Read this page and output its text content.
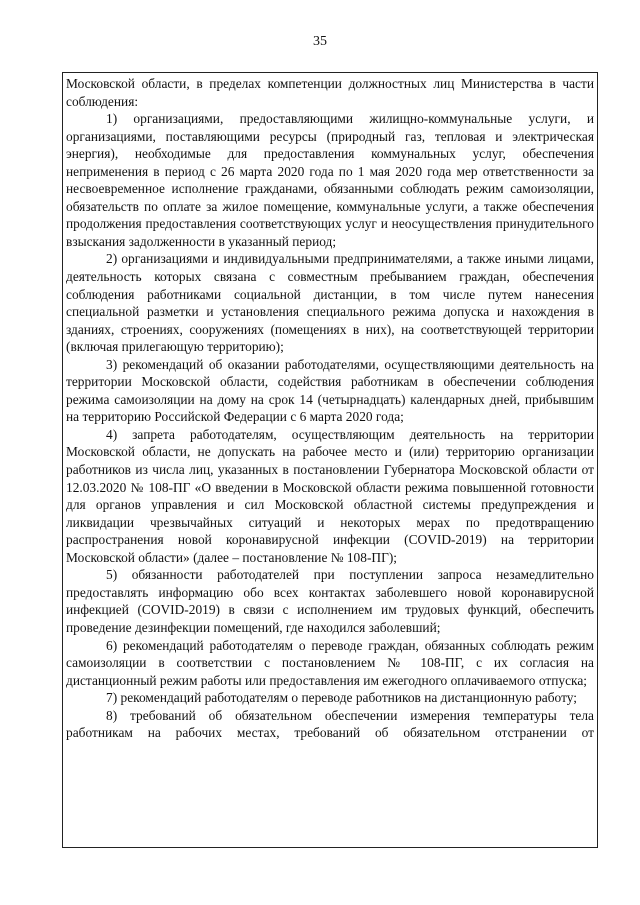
35

Московской области, в пределах компетенции должностных лиц Министерства в части соблюдения:

1) организациями, предоставляющими жилищно-коммунальные услуги, и организациями, поставляющими ресурсы (природный газ, тепловая и электрическая энергия), необходимые для предоставления коммунальных услуг, обеспечения неприменения в период с 26 марта 2020 года по 1 мая 2020 года мер ответственности за несвоевременное исполнение гражданами, обязанными соблюдать режим самоизоляции, обязательств по оплате за жилое помещение, коммунальные услуги, а также обеспечения продолжения предоставления соответствующих услуг и неосуществления принудительного взыскания задолженности в указанный период;

2) организациями и индивидуальными предпринимателями, а также иными лицами, деятельность которых связана с совместным пребыванием граждан, обеспечения соблюдения работниками социальной дистанции, в том числе путем нанесения специальной разметки и установления специального режима допуска и нахождения в зданиях, строениях, сооружениях (помещениях в них), на соответствующей территории (включая прилегающую территорию);

3) рекомендаций об оказании работодателями, осуществляющими деятельность на территории Московской области, содействия работникам в обеспечении соблюдения режима самоизоляции на дому на срок 14 (четырнадцать) календарных дней, прибывшим на территорию Российской Федерации с 6 марта 2020 года;

4) запрета работодателям, осуществляющим деятельность на территории Московской области, не допускать на рабочее место и (или) территорию организации работников из числа лиц, указанных в постановлении Губернатора Московской области от 12.03.2020 № 108-ПГ «О введении в Московской области режима повышенной готовности для органов управления и сил Московской областной системы предупреждения и ликвидации чрезвычайных ситуаций и некоторых мерах по предотвращению распространения новой коронавирусной инфекции (COVID-2019) на территории Московской области» (далее – постановление № 108-ПГ);

5) обязанности работодателей при поступлении запроса незамедлительно предоставлять информацию обо всех контактах заболевшего новой коронавирусной инфекцией (COVID-2019) в связи с исполнением им трудовых функций, обеспечить проведение дезинфекции помещений, где находился заболевший;

6) рекомендаций работодателям о переводе граждан, обязанных соблюдать режим самоизоляции в соответствии с постановлением № 108-ПГ, с их согласия на дистанционный режим работы или предоставления им ежегодного оплачиваемого отпуска;

7) рекомендаций работодателям о переводе работников на дистанционную работу;

8) требований об обязательном обеспечении измерения температуры тела работникам на рабочих местах, требований об обязательном отстранении от
